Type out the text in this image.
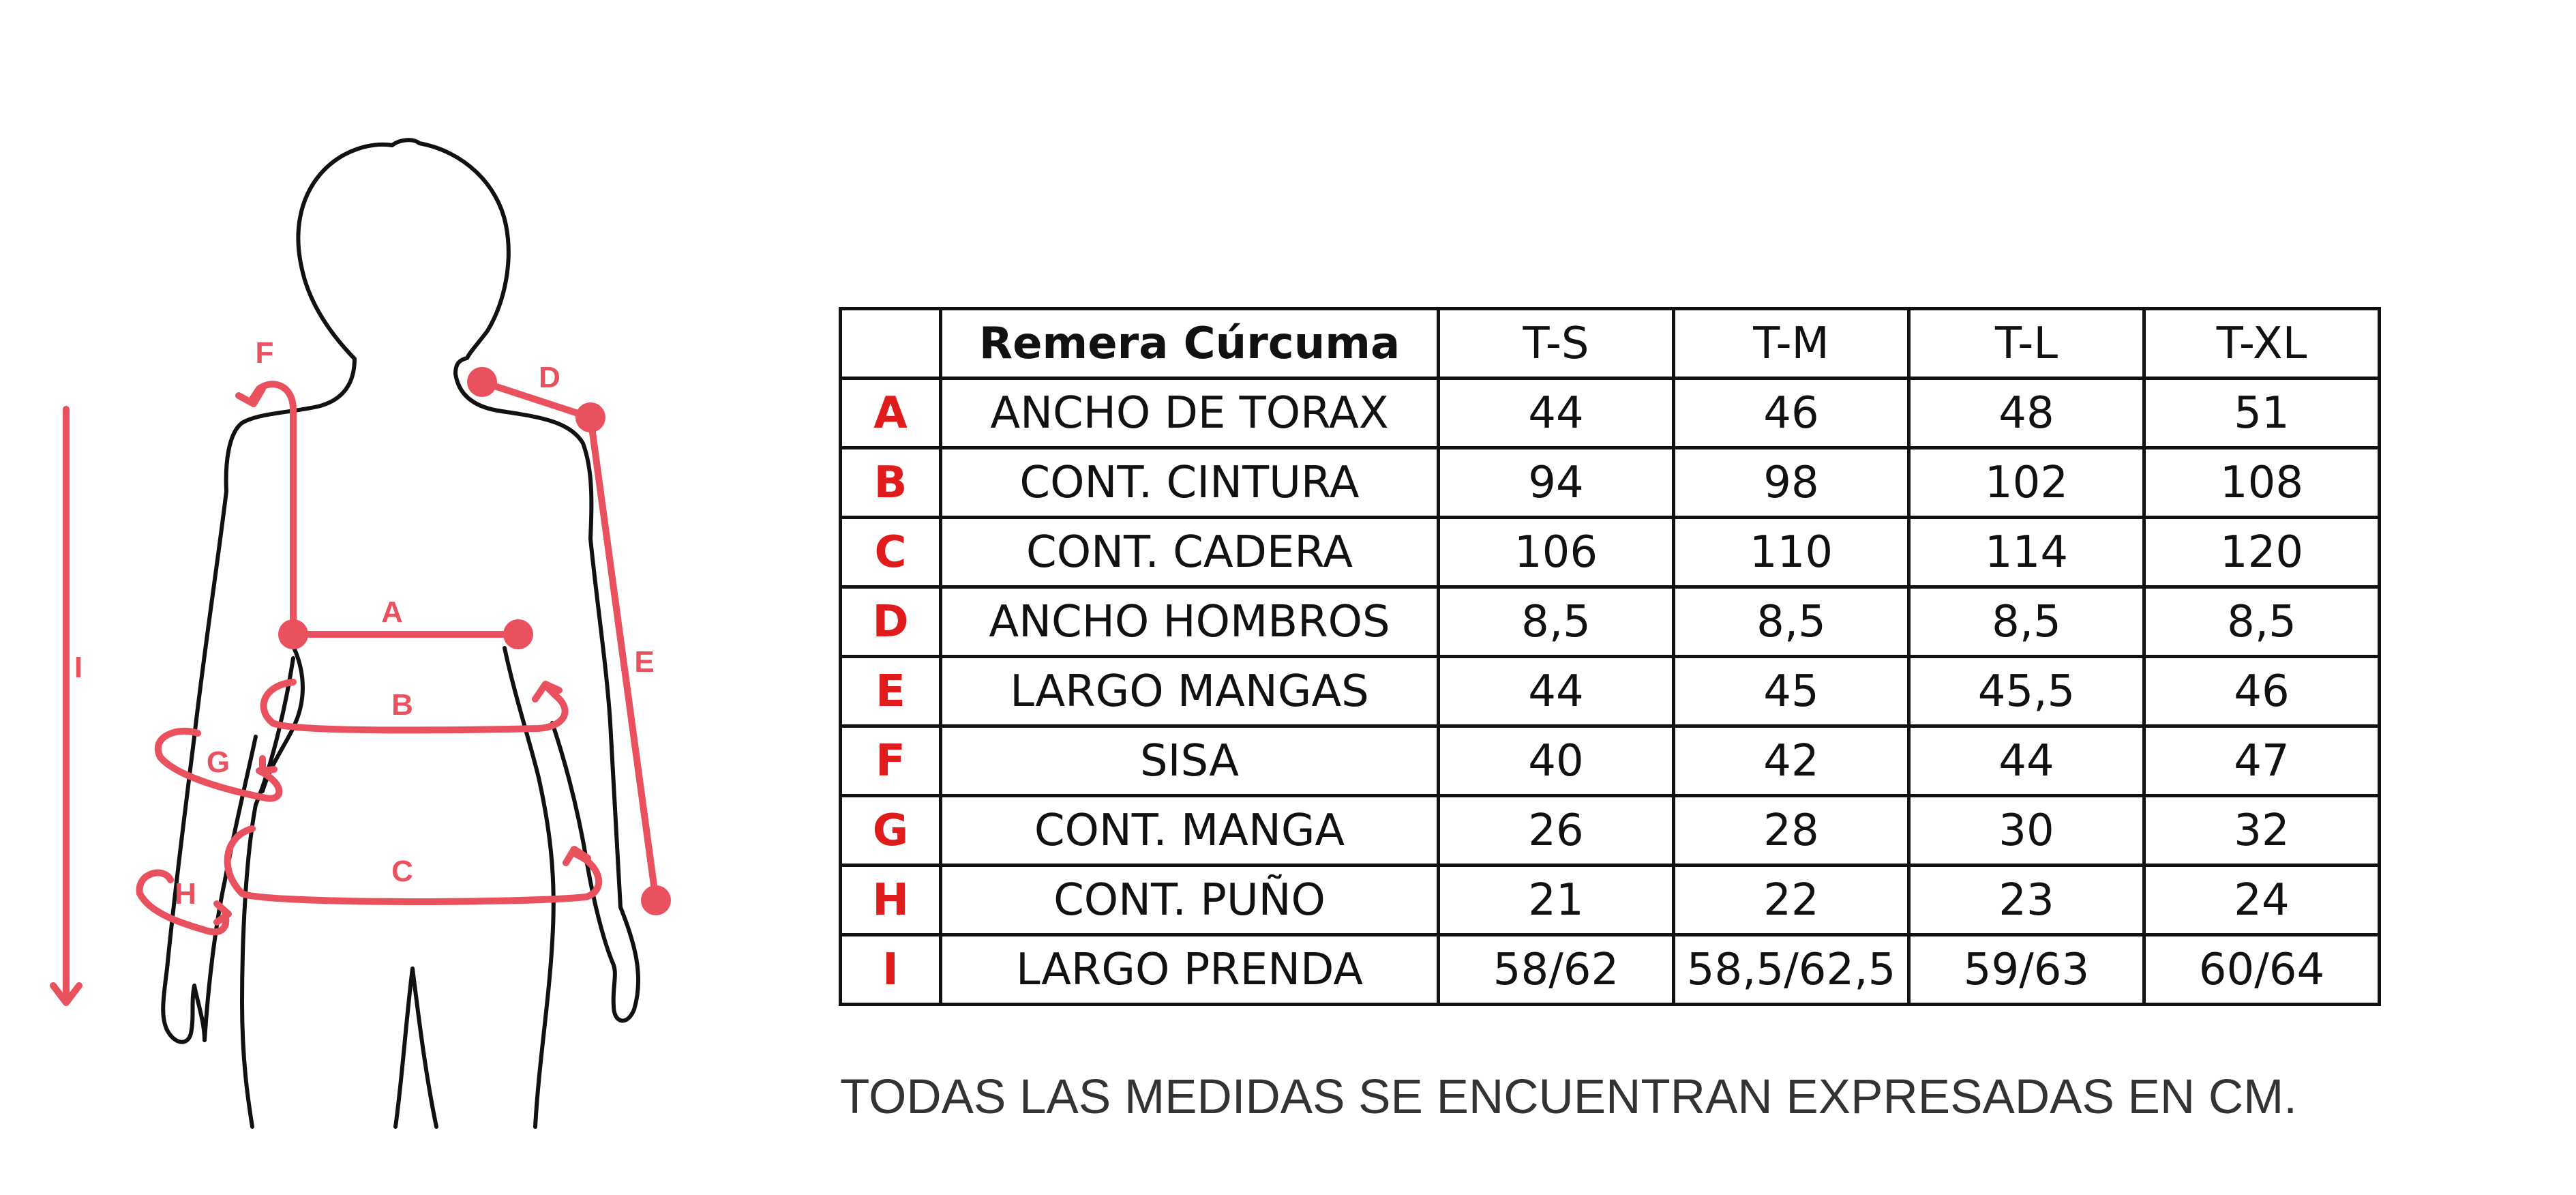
A
B
C
D
E
F
G
H
I
	Remera Cúrcuma	T-S	T-M	T-L	T-XL
A	ANCHO DE TORAX	44	46	48	51
B	CONT. CINTURA	94	98	102	108
C	CONT. CADERA	106	110	114	120
D	ANCHO HOMBROS	8,5	8,5	8,5	8,5
E	LARGO MANGAS	44	45	45,5	46
F	SISA	40	42	44	47
G	CONT. MANGA	26	28	30	32
H	CONT. PUÑO	21	22	23	24
I	LARGO PRENDA	58/62	58,5/62,5	59/63	60/64
TODAS LAS MEDIDAS SE ENCUENTRAN EXPRESADAS EN CM.
